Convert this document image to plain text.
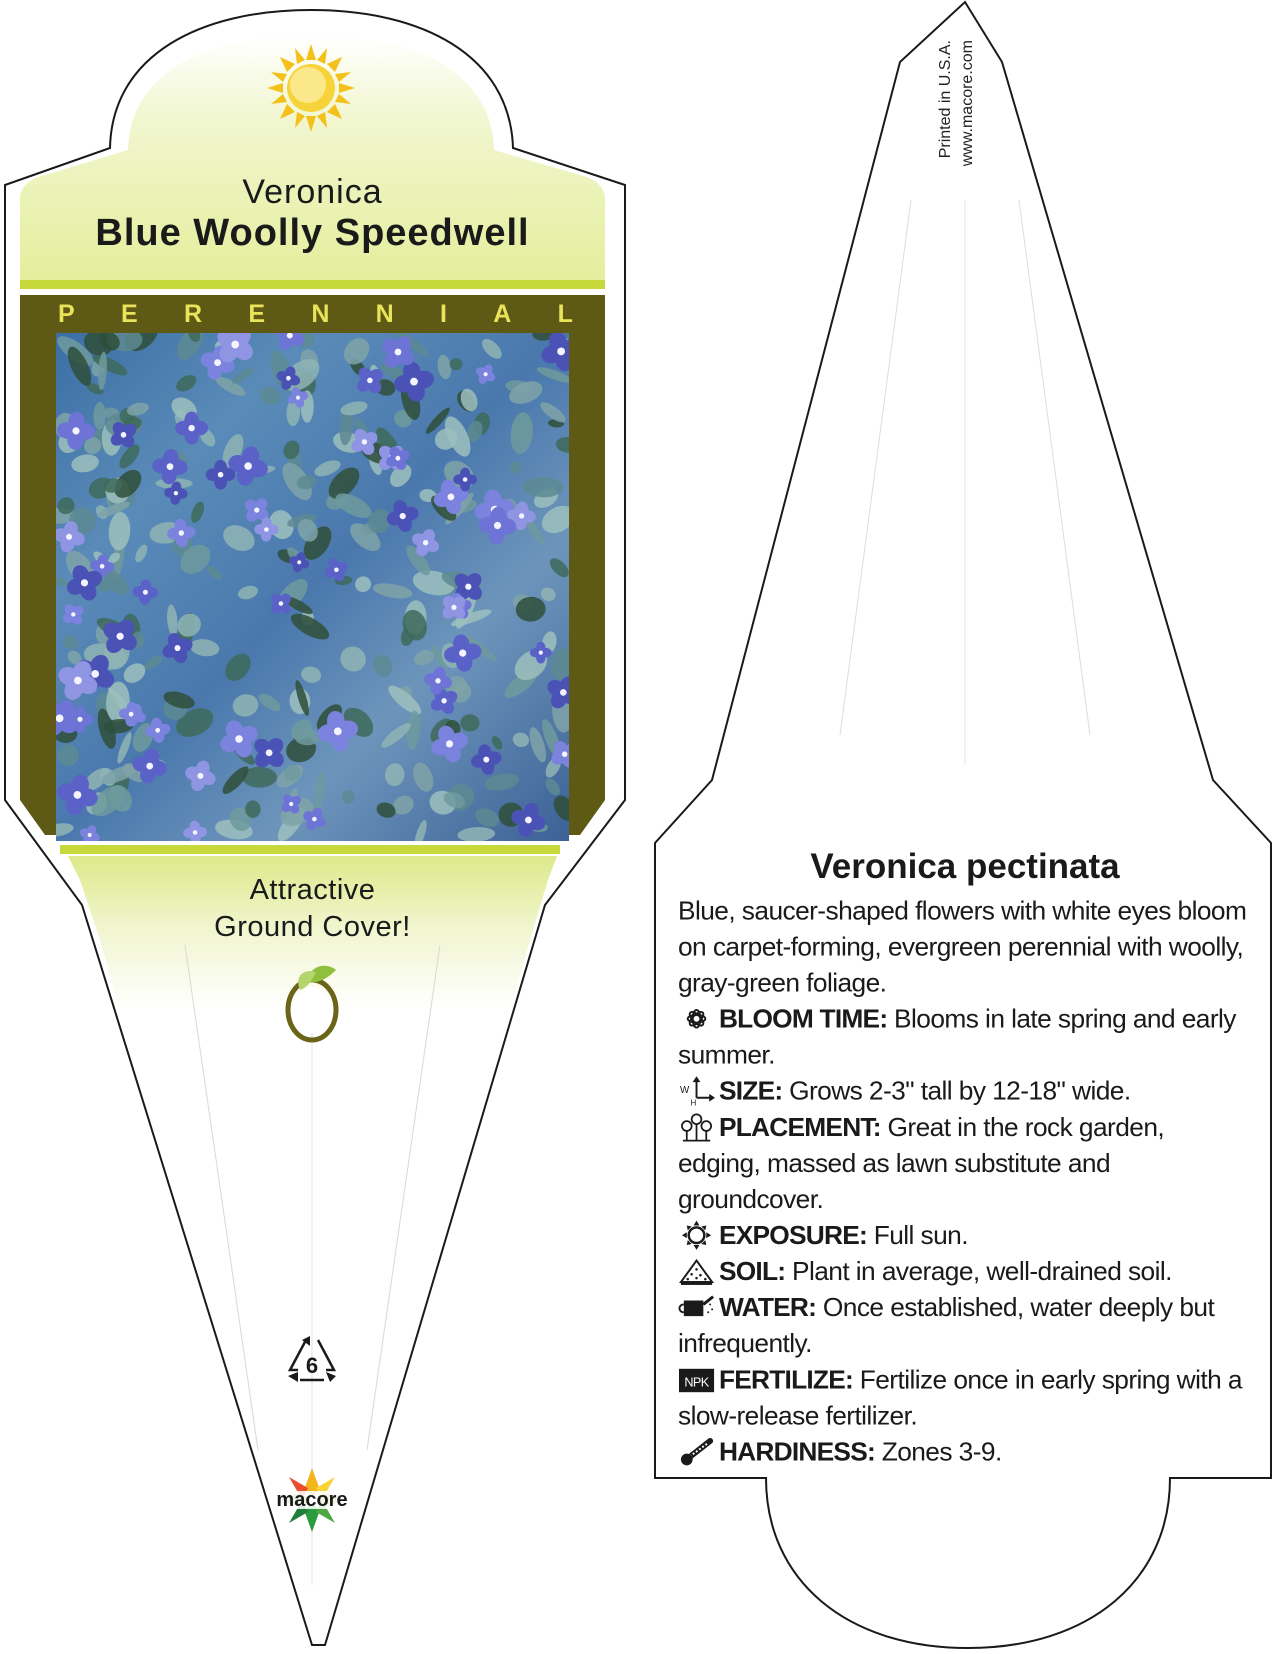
Veronica
Blue Woolly Speedwell
P E R E N N I A L
Attractive
Ground Cover!
6
macore
Printed in U.S.A. www.macore.com
Veronica pectinata

Blue, saucer-shaped flowers with white eyes bloom on carpet-forming, evergreen perennial with woolly, gray-green foliage.

BLOOM TIME: Blooms in late spring and early summer.

W
H SIZE: Grows 2-3" tall by 12-18" wide.

PLACEMENT: Great in the rock garden, edging, massed as lawn substitute and groundcover.

EXPOSURE: Full sun.

SOIL: Plant in average, well-drained soil.

WATER: Once established, water deeply but infrequently.

NPK FERTILIZE: Fertilize once in early spring with a slow-release fertilizer.

HARDINESS: Zones 3-9.
